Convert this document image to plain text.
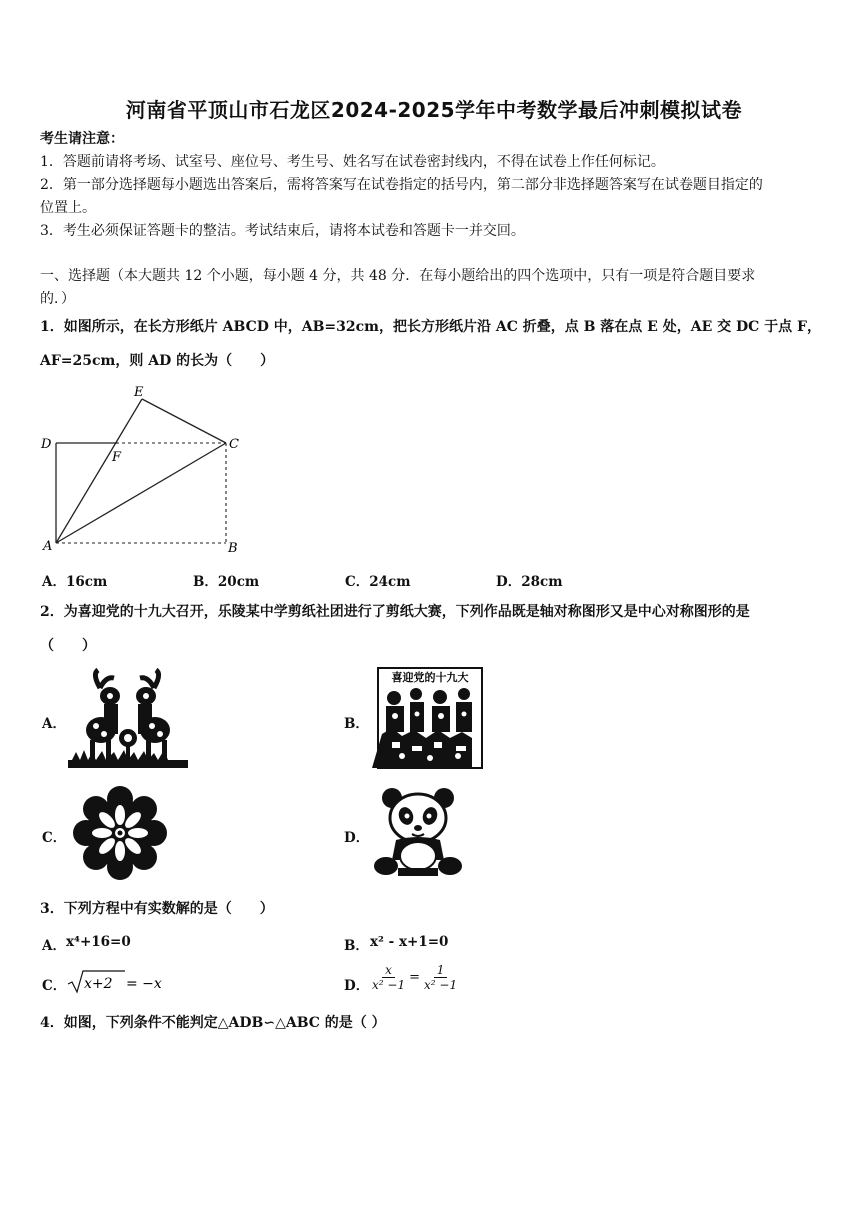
河南省平顶山市石龙区2024-2025学年中考数学最后冲刺模拟试卷
考生请注意：
1．答题前请将考场、试室号、座位号、考生号、姓名写在试卷密封线内，不得在试卷上作任何标记。
2．第一部分选择题每小题选出答案后，需将答案写在试卷指定的括号内，第二部分非选择题答案写在试卷题目指定的
位置上。
3．考生必须保证答题卡的整洁。考试结束后，请将本试卷和答题卡一并交回。
一、选择题（本大题共 12 个小题，每小题 4 分，共 48 分．在每小题给出的四个选项中，只有一项是符合题目要求
的．）
1．如图所示，在长方形纸片 ABCD 中，AB=32cm，把长方形纸片沿 AC 折叠，点 B 落在点 E 处，AE 交 DC 于点 F，
AF=25cm，则 AD 的长为（　　）
E
D
F
C
A	B
A．16cm	B．20cm	C．24cm	D．28cm
2．为喜迎党的十九大召开，乐陵某中学剪纸社团进行了剪纸大赛，下列作品既是轴对称图形又是中心对称图形的是
（　　）
A．	B．
喜迎党的十九大
C．	D．
3．下列方程中有实数解的是（　　）
A． x⁴+16=0	B． x² - x+1=0
C． x+2 = −x	D． $\frac{x}{\text{x² −1}} = \frac{1}{\text{x² −1}}$
4．如图，下列条件不能判定△ADB∽△ABC 的是（ ）
